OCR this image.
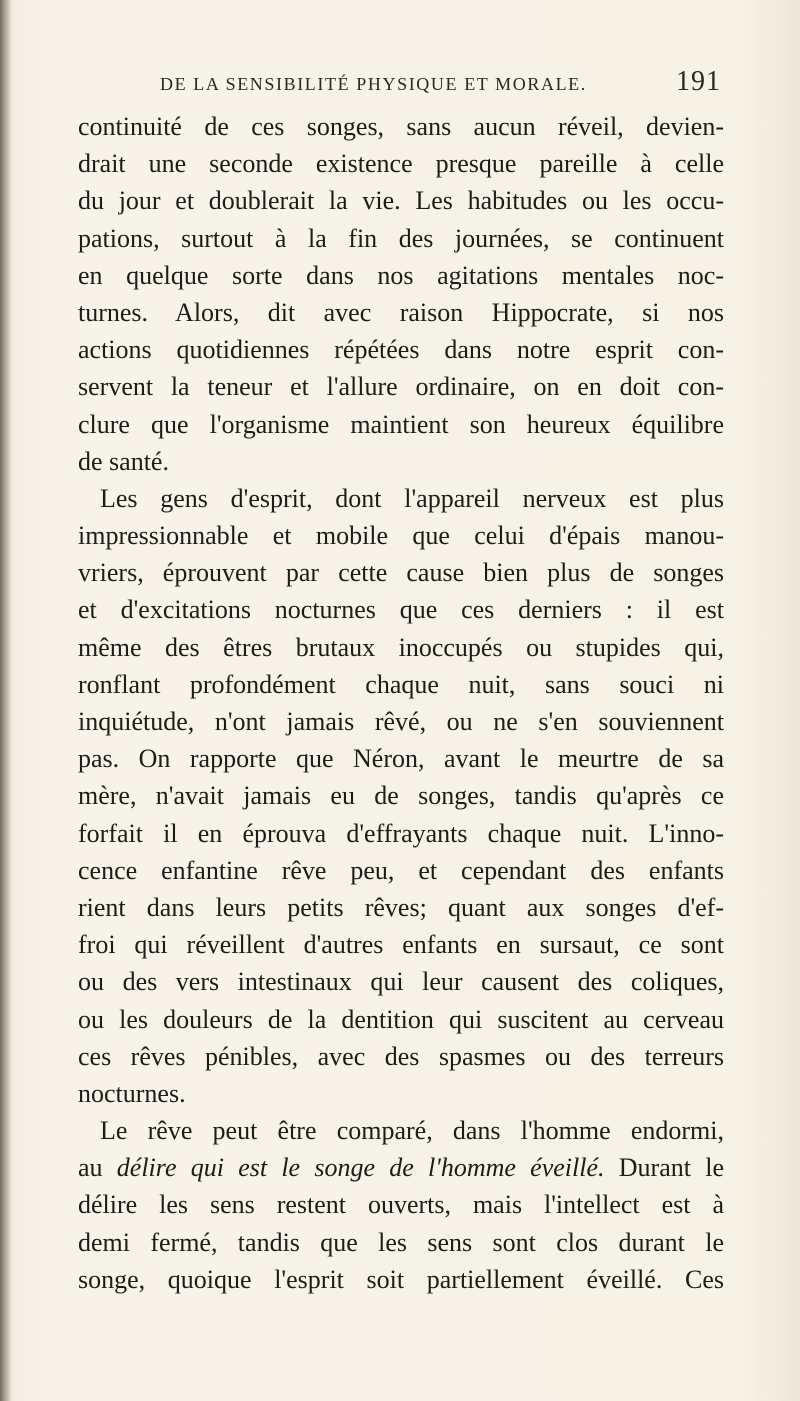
DE LA SENSIBILITÉ PHYSIQUE ET MORALE.	191
continuité de ces songes, sans aucun réveil, devien-
drait une seconde existence presque pareille à celle
du jour et doublerait la vie. Les habitudes ou les occu-
pations, surtout à la fin des journées, se continuent
en quelque sorte dans nos agitations mentales noc-
turnes. Alors, dit avec raison Hippocrate, si nos
actions quotidiennes répétées dans notre esprit con-
servent la teneur et l'allure ordinaire, on en doit con-
clure que l'organisme maintient son heureux équilibre
de santé.
Les gens d'esprit, dont l'appareil nerveux est plus
impressionnable et mobile que celui d'épais manou-
vriers, éprouvent par cette cause bien plus de songes
et d'excitations nocturnes que ces derniers : il est
même des êtres brutaux inoccupés ou stupides qui,
ronflant profondément chaque nuit, sans souci ni
inquiétude, n'ont jamais rêvé, ou ne s'en souviennent
pas. On rapporte que Néron, avant le meurtre de sa
mère, n'avait jamais eu de songes, tandis qu'après ce
forfait il en éprouva d'effrayants chaque nuit. L'inno-
cence enfantine rêve peu, et cependant des enfants
rient dans leurs petits rêves; quant aux songes d'ef-
froi qui réveillent d'autres enfants en sursaut, ce sont
ou des vers intestinaux qui leur causent des coliques,
ou les douleurs de la dentition qui suscitent au cerveau
ces rêves pénibles, avec des spasmes ou des terreurs
nocturnes.
Le rêve peut être comparé, dans l'homme endormi,
au délire qui est le songe de l'homme éveillé. Durant le
délire les sens restent ouverts, mais l'intellect est à
demi fermé, tandis que les sens sont clos durant le
songe, quoique l'esprit soit partiellement éveillé. Ces
